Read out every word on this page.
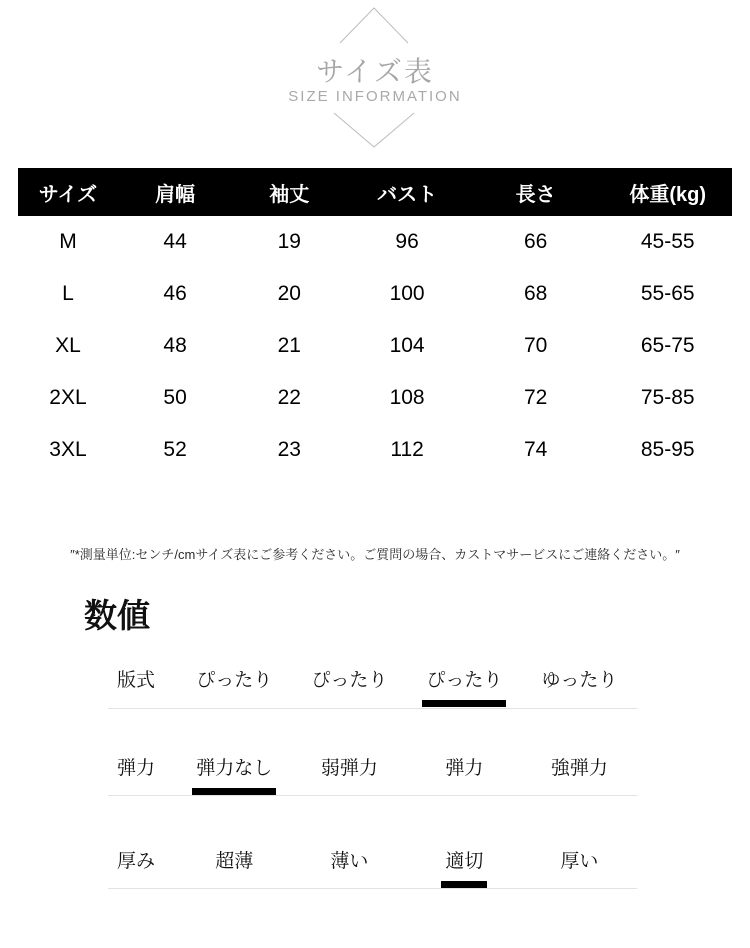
サイズ表
SIZE INFORMATION
サイズ	肩幅	袖丈	バスト	長さ	体重(kg)
M	44	19	96	66	45-55
L	46	20	100	68	55-65
XL	48	21	104	70	65-75
2XL	50	22	108	72	75-85
3XL	52	23	112	74	85-95
″*測量単位:センチ/cmサイズ表にご参考ください。ご質問の場合、カストマサービスにご連絡ください。″
数値
版式	ぴったり	ぴったり	ぴったり	ゆったり
弾力	弾力なし	弱弾力	弾力	強弾力
厚み	超薄	薄い	適切	厚い
